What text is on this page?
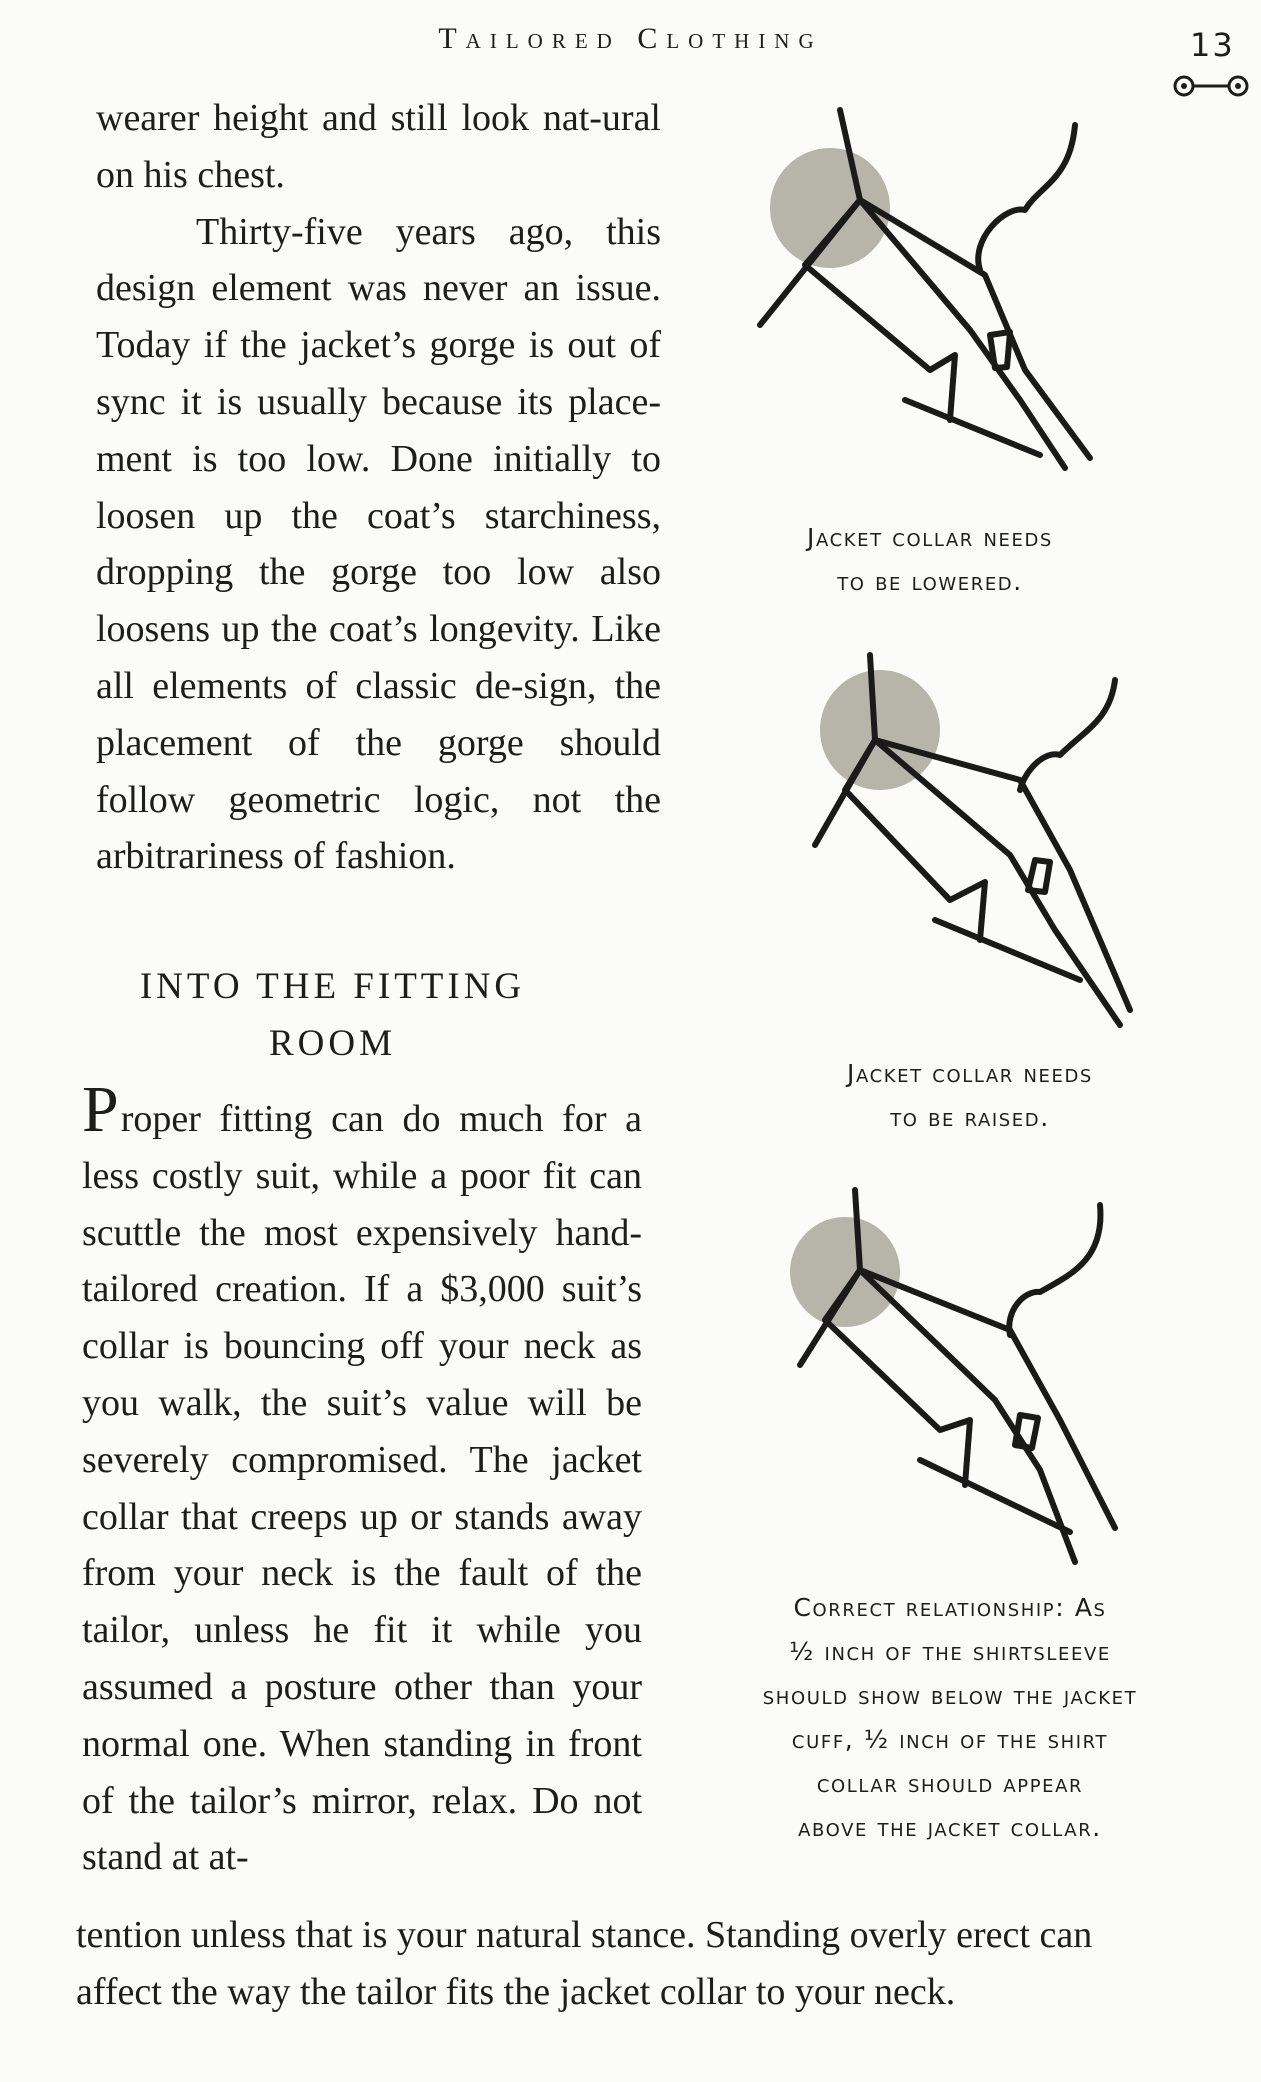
Tailored Clothing	13

wearer height and still look nat-ural on his chest.

Thirty-five years ago, this design element was never an issue. Today if the jacket’s gorge is out of sync it is usually because its place-ment is too low. Done initially to loosen up the coat’s starchiness, dropping the gorge too low also loosens up the coat’s longevity. Like all elements of classic de-sign, the placement of the gorge should follow geometric logic, not the arbitrariness of fashion.

INTO THE FITTING ROOM

Proper fitting can do much for a less costly suit, while a poor fit can scuttle the most expensively hand-tailored creation. If a $3,000 suit’s collar is bouncing off your neck as you walk, the suit’s value will be severely compromised. The jacket collar that creeps up or stands away from your neck is the fault of the tailor, unless he fit it while you assumed a posture other than your normal one. When standing in front of the tailor’s mirror, relax. Do not stand at at-

tention unless that is your natural stance. Standing overly erect can affect the way the tailor fits the jacket collar to your neck.

Jacket collar needs
to be lowered.
Jacket collar needs
to be raised.
Correct relationship: As
½ inch of the shirtsleeve
should show below the jacket
cuff, ½ inch of the shirt
collar should appear
above the jacket collar.
